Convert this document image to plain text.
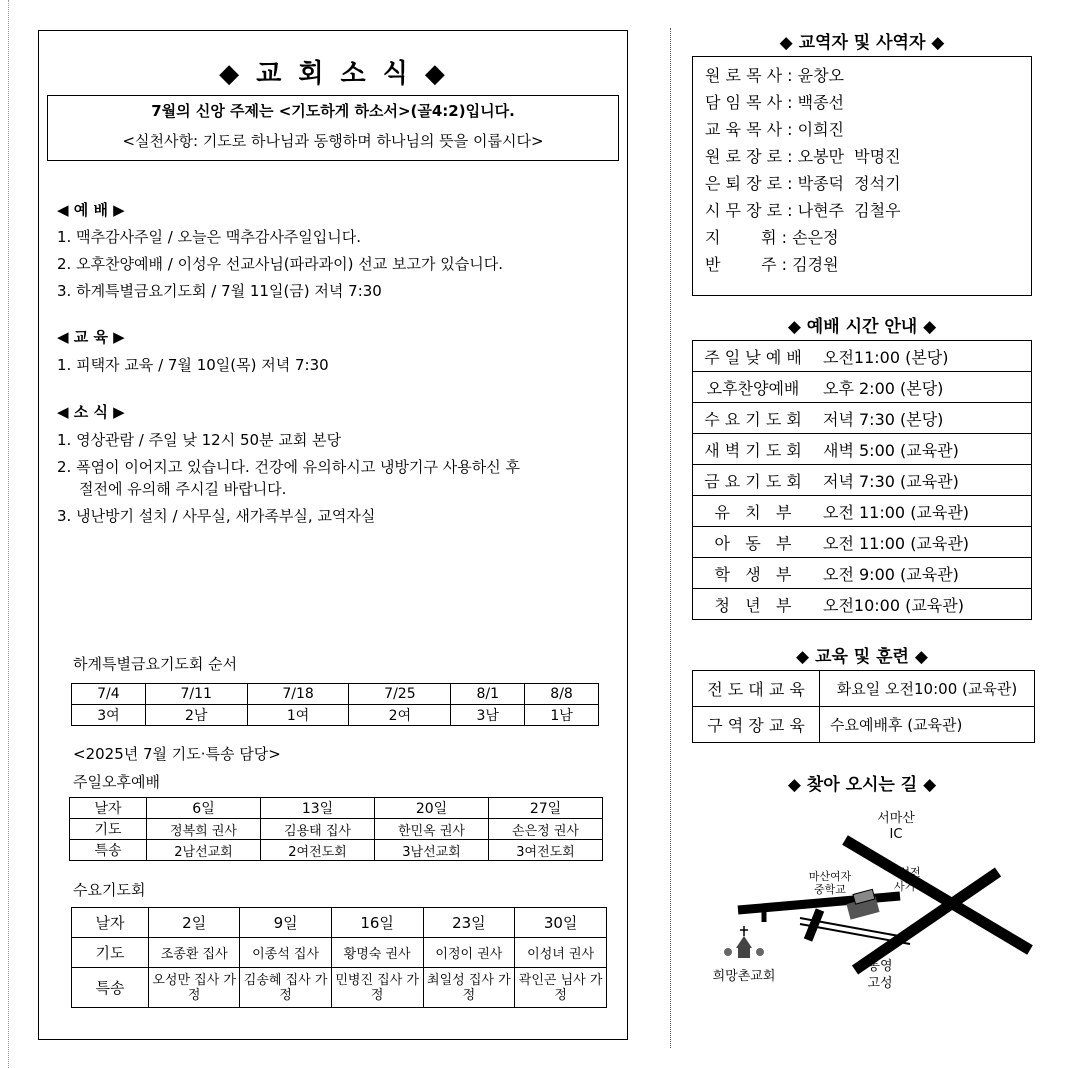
◆ 교 회 소 식 ◆
7월의 신앙 주제는 <기도하게 하소서>(골4:2)입니다.
<실천사항: 기도로 하나님과 동행하며 하나님의 뜻을 이룹시다>
◀ 예 배 ▶
1. 맥추감사주일 / 오늘은 맥추감사주일입니다.
2. 오후찬양예배 / 이성우 선교사님(파라과이) 선교 보고가 있습니다.
3. 하계특별금요기도회 / 7월 11일(금) 저녁 7:30
◀ 교 육 ▶
1. 피택자 교육 / 7월 10일(목) 저녁 7:30
◀ 소 식 ▶
1. 영상관람 / 주일 낮 12시 50분 교회 본당
2. 폭염이 이어지고 있습니다. 건강에 유의하시고 냉방기구 사용하신 후
절전에 유의해 주시길 바랍니다.
3. 냉난방기 설치 / 사무실, 새가족부실, 교역자실
하계특별금요기도회 순서
7/4	7/11	7/18	7/25	8/1	8/8
3여	2남	1여	2여	3남	1남
<2025년 7월 기도·특송 담당>
주일오후예배
날자	6일	13일	20일	27일
기도	정복희 권사	김용태 집사	한민옥 권사	손은정 권사
특송	2남선교회	2여전도회	3남선교회	3여전도회
수요기도회
날자	2일	9일	16일	23일	30일
기도	조종환 집사	이종석 집사	황명숙 권사	이정이 권사	이성녀 권사
특송	오성만 집사 가정	김송혜 집사 가정	민병진 집사 가정	최일성 집사 가정	곽인곤 님사 가정
◆ 교역자 및 사역자 ◆
원 로 목 사 : 윤창오
담 임 목 사 : 백종선
교 육 목 사 : 이희진
원 로 장 로 : 오봉만  박명진
은 퇴 장 로 : 박종덕  정석기
시 무 장 로 : 나현주  김철우
지        휘 : 손은정
반        주 : 김경원
◆ 예배 시간 안내 ◆
주 일 낮 예 배	오전11:00 (본당)
오후찬양예배	오후 2:00 (본당)
수 요 기 도 회	저녁 7:30 (본당)
새 벽 기 도 회	새벽 5:00 (교육관)
금 요 기 도 회	저녁 7:30 (교육관)
유   치   부	오전 11:00 (교육관)
아   동   부	오전 11:00 (교육관)
학   생   부	오전 9:00 (교육관)
청   년   부	오전10:00 (교육관)
◆ 교육 및 훈련 ◆
전 도 대 교 육	화요일 오전10:00 (교육관)
구 역 장 교 육	수요예배후 (교육관)
◆ 찾아 오시는 길 ◆
서마산
IC
마산여자
중학교
석전
사거리
통영
고성
희망촌교회
